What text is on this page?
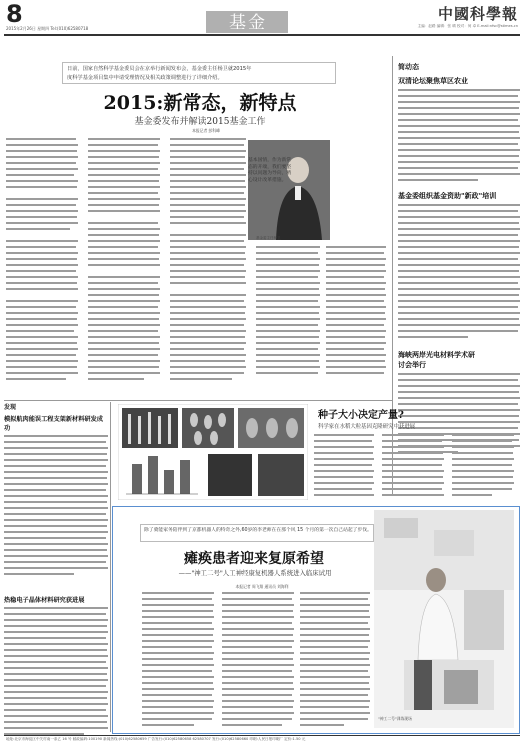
8
2015年2月26日 星期四 Tel:(010)62580718	基金	中國科學報
主编：赵路 编辑：张 晴 校对：何 卓 E-mail:nfsc@stimes.cn
日前，国家自然科学基金委员会在京举行新闻发布会，基金委主任杨卫就2015年
度科学基金项目集中申请受理情况及相关政策调整进行了详细介绍。
2015:新常态，新特点
基金委发布并解读2015基金工作
本报记者 彭科峰
基本国情，作为新常态的开端，我们要坚持以问题为导向，精心设计改革措施。
基金委主任杨卫
简动态
双清论坛聚焦草区农业
基金委组织基金资助"新政"培训
海峡两岸光电材料学术研讨会举行
发现
模拟航肉能误工程支架新材料研发成功
热稳电子晶体材料研究获进展
种子大小决定产量?
科学家在水稻大粒基因克隆研究中获进展
除了骑能家务陪伴到了京都机器人的特奇之外,60岁的李老师在在那个风 15 个月的第一次自己站起了步伐。
瘫痪患者迎来复原希望
——"神工二号"人工神经康复机器人系统进入临床试用
本报记者 周飞翔 通讯员 刘海利
"神工二号"训练现场
地址:北京市海淀区中关村南一条乙 16 号 邮政编码:100190 新闻热线:(010)62580659 广告发行:(010)62580658 62580707 发行:(010)62580660 印刷:人民日报印刷厂 定价:1.50 元
